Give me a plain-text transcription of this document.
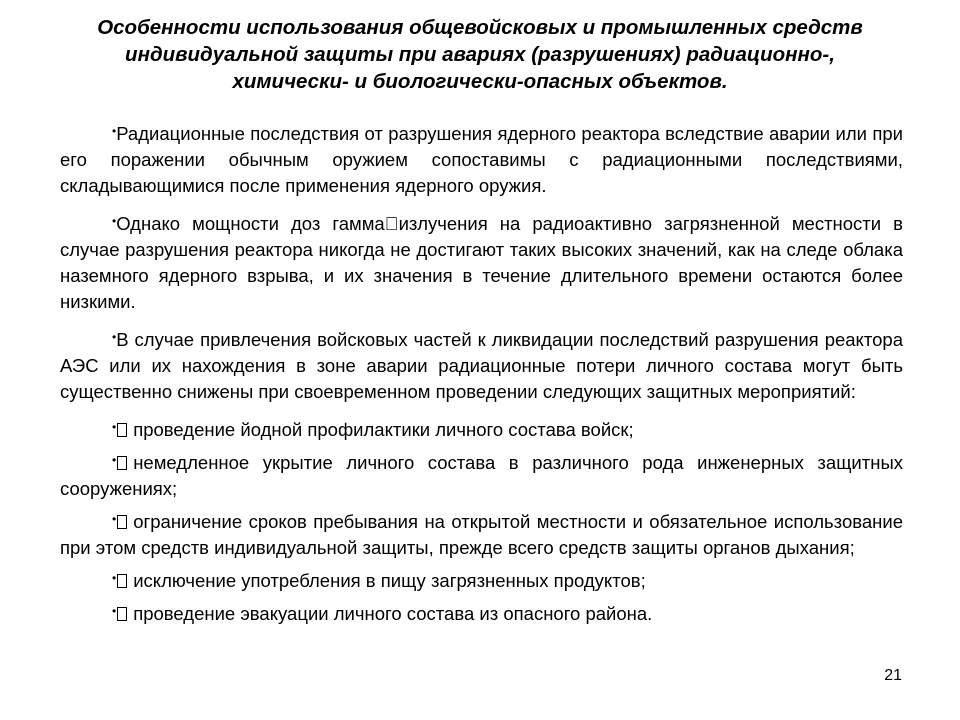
Особенности использования общевойсковых и промышленных средств индивидуальной защиты при авариях (разрушениях) радиационно-, химически- и биологически-опасных объектов.

•Радиационные последствия от разрушения ядерного реактора вследствие аварии или при его поражении обычным оружием сопоставимы с радиационными последствиями, складывающимися после применения ядерного оружия.

•Однако мощности доз гамма излучения на радиоактивно загрязненной местности в случае разрушения реактора никогда не достигают таких высоких значений, как на следе облака наземного ядерного взрыва, и их значения в течение длительного времени остаются более низкими.

•В случае привлечения войсковых частей к ликвидации последствий разрушения реактора АЭС или их нахождения в зоне аварии радиационные потери личного состава могут быть существенно снижены при своевременном проведении следующих защитных мероприятий:

• проведение йодной профилактики личного состава войск;

• немедленное укрытие личного состава в различного рода инженерных защитных сооружениях;

• ограничение сроков пребывания на открытой местности и обязательное использование при этом средств индивидуальной защиты, прежде всего средств защиты органов дыхания;

• исключение употребления в пищу загрязненных продуктов;

• проведение эвакуации личного состава из опасного района.

21
